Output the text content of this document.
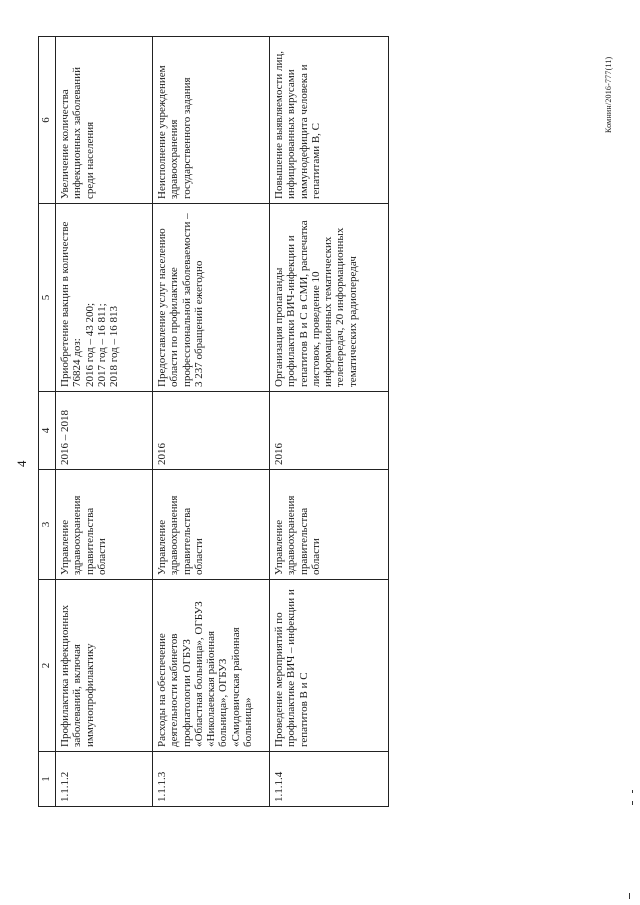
4
1	2	3	4	5	6
1.1.1.2	Профилактика инфекционных заболеваний, включая иммунопрофилактику	Управление здравоохранения правительства области	2016 – 2018	Приобретение вакцин в количестве 76824 доз:
2016 год – 43 200;
2017 год – 16 811;
2018 год – 16 813	Увеличение количества инфекционных заболеваний среди населения
1.1.1.3	Расходы на обеспечение деятельности кабинетов профпатологии ОГБУЗ «Областная больница», ОГБУЗ «Николаевская районная больница», ОГБУЗ «Смидовичская районная больница»	Управление здравоохранения правительства области	2016	Предоставление услуг населению области по профилактике профессиональной заболеваемости – 3 237 обращений ежегодно	Неисполнение учреждением здравоохранения государственного задания
1.1.1.4	Проведение мероприятий по профилактике ВИЧ – инфекции и гепатитов В и С	Управление здравоохранения правительства области	2016	Организация пропаганды профилактики ВИЧ-инфекции и гепатитов В и С в СМИ, распечатка листовок, проведение 10 информационных тематических телепередач, 20 информационных тематических радиопередач	Повышение выявляемости лиц, инфицированных вирусами иммунодефицита человека и гепатитами В, С
Комнин/2016-777(11)
